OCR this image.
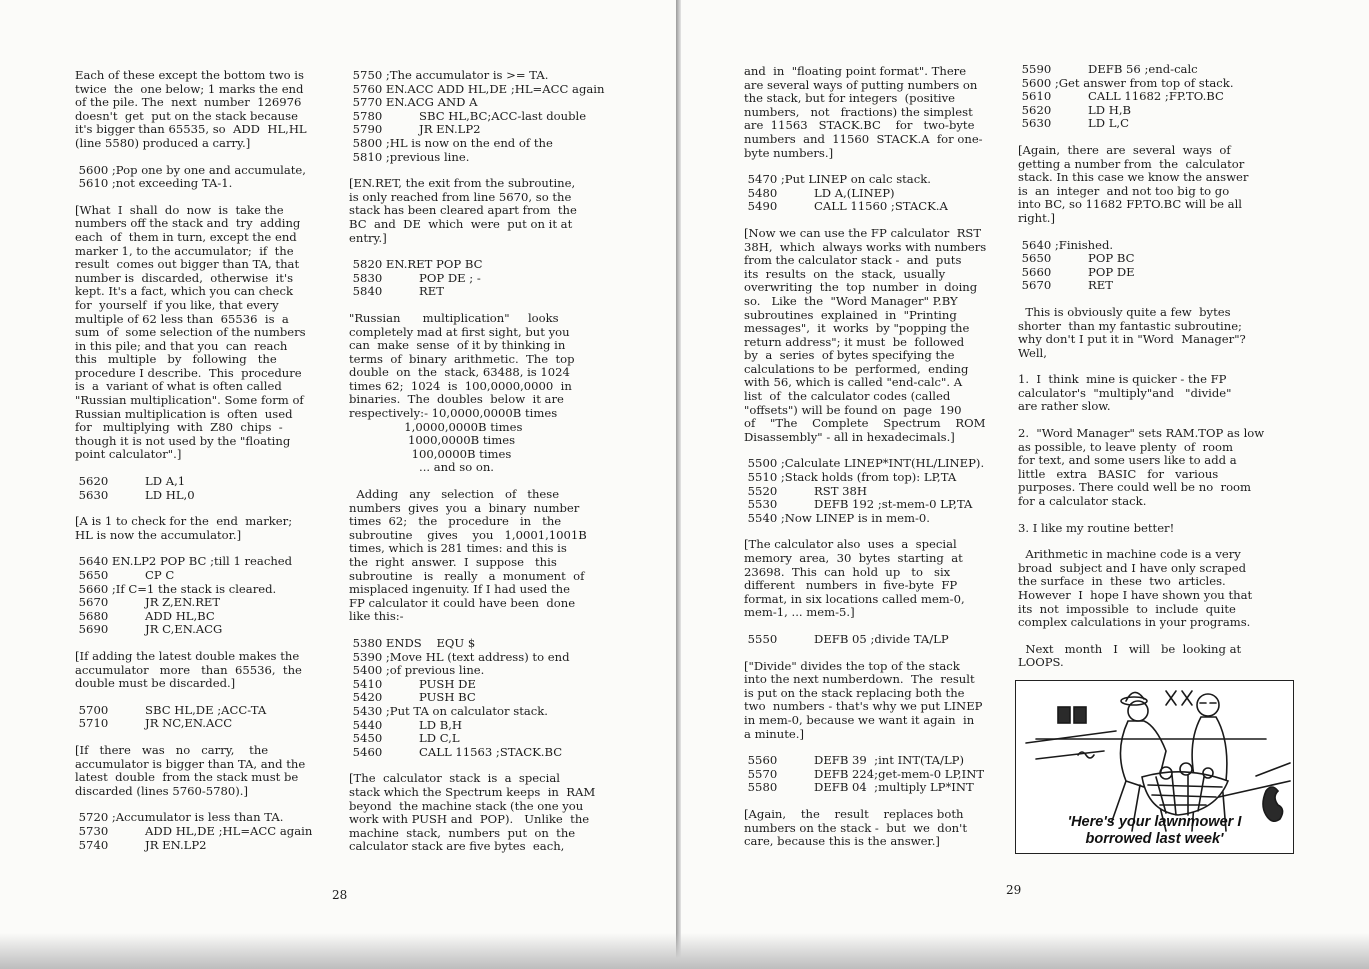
Each of these except the bottom two is
twice  the  one below; 1 marks the end
of the pile. The  next  number  126976
doesn't  get  put on the stack because
it's bigger than 65535, so  ADD  HL,HL
(line 5580) produced a carry.]
5600 ;Pop one by one and accumulate,
5610 ;not exceeding TA-1.
[What  I  shall  do  now  is  take the
numbers off the stack and  try  adding
each  of  them in turn, except the end
marker 1, to the accumulator;  if  the
result  comes out bigger than TA, that
number is  discarded,  otherwise  it's
kept. It's a fact, which you can check
for  yourself  if you like, that every
multiple of 62 less than  65536  is  a
sum  of  some selection of the numbers
in this pile; and that you  can  reach
this   multiple   by   following   the
procedure I describe.  This  procedure
is  a  variant of what is often called
"Russian multiplication". Some form of
Russian multiplication is  often  used
for   multiplying  with  Z80  chips  -
though it is not used by the "floating
point calculator".]
5620          LD A,1
5630          LD HL,0
[A is 1 to check for the  end  marker;
HL is now the accumulator.]
5640 EN.LP2 POP BC ;till 1 reached
5650          CP C
5660 ;If C=1 the stack is cleared.
5670          JR Z,EN.RET
5680          ADD HL,BC
5690          JR C,EN.ACG
[If adding the latest double makes the
accumulator   more   than  65536,  the
double must be discarded.]
5700          SBC HL,DE ;ACC-TA
5710          JR NC,EN.ACC
[If   there   was   no   carry,    the
accumulator is bigger than TA, and the
latest  double  from the stack must be
discarded (lines 5760-5780).]
5720 ;Accumulator is less than TA.
5730          ADD HL,DE ;HL=ACC again
5740          JR EN.LP2
5750 ;The accumulator is >= TA.
5760 EN.ACC ADD HL,DE ;HL=ACC again
5770 EN.ACG AND A
5780          SBC HL,BC;ACC-last double
5790          JR EN.LP2
5800 ;HL is now on the end of the
5810 ;previous line.
[EN.RET, the exit from the subroutine,
is only reached from line 5670, so the
stack has been cleared apart from  the
BC  and  DE  which  were  put on it at
entry.]
5820 EN.RET POP BC
5830          POP DE ; -
5840          RET
"Russian      multiplication"     looks
completely mad at first sight, but you
can  make  sense  of it by thinking in
terms  of  binary  arithmetic.  The  top
double  on  the  stack, 63488, is 1024
times 62;  1024  is  100,0000,0000  in
binaries.  The  doubles  below  it are
respectively:- 10,0000,0000B times
1,0000,0000B times
1000,0000B times
100,0000B times
... and so on.
Adding   any   selection   of   these
numbers  gives  you  a  binary  number
times  62;   the   procedure   in   the
subroutine    gives    you   1,0001,1001B
times, which is 281 times: and this is
the  right  answer.  I  suppose   this
subroutine   is   really   a  monument  of
misplaced ingenuity. If I had used the
FP calculator it could have been  done
like this:-
5380 ENDS    EQU $
5390 ;Move HL (text address) to end
5400 ;of previous line.
5410          PUSH DE
5420          PUSH BC
5430 ;Put TA on calculator stack.
5440          LD B,H
5450          LD C,L
5460          CALL 11563 ;STACK.BC
[The  calculator  stack  is  a  special
stack which the Spectrum keeps  in  RAM
beyond  the machine stack (the one you
work with PUSH and  POP).   Unlike  the
machine  stack,  numbers  put  on  the
calculator stack are five bytes  each,
28
and  in  "floating point format". There
are several ways of putting numbers on
the stack, but for integers  (positive
numbers,   not   fractions) the simplest
are  11563   STACK.BC    for   two-byte
numbers  and  11560  STACK.A  for one-
byte numbers.]
5470 ;Put LINEP on calc stack.
5480          LD A,(LINEP)
5490          CALL 11560 ;STACK.A
[Now we can use the FP calculator  RST
38H,  which  always works with numbers
from the calculator stack -  and  puts
its  results  on  the  stack,  usually
overwriting  the  top  number  in  doing
so.   Like  the  "Word Manager" P.BY
subroutines  explained  in  "Printing
messages",  it  works  by "popping the
return address"; it must  be  followed
by  a  series  of bytes specifying the
calculations to be  performed,  ending
with 56, which is called "end-calc". A
list  of  the calculator codes (called
"offsets") will be found on  page  190
of    "The    Complete    Spectrum    ROM
Disassembly" - all in hexadecimals.]
5500 ;Calculate LINEP*INT(HL/LINEP).
5510 ;Stack holds (from top): LP,TA
5520          RST 38H
5530          DEFB 192 ;st-mem-0 LP,TA
5540 ;Now LINEP is in mem-0.
[The calculator also  uses  a  special
memory  area,  30  bytes  starting  at
23698.  This  can  hold  up   to   six
different   numbers  in  five-byte  FP
format, in six locations called mem-0,
mem-1, ... mem-5.]
5550          DEFB 05 ;divide TA/LP
["Divide" divides the top of the stack
into the next numberdown.  The  result
is put on the stack replacing both the
two  numbers - that's why we put LINEP
in mem-0, because we want it again  in
a minute.]
5560          DEFB 39  ;int INT(TA/LP)
5570          DEFB 224;get-mem-0 LP,INT
5580          DEFB 04  ;multiply LP*INT
[Again,    the    result    replaces both
numbers on the stack -  but  we  don't
care, because this is the answer.]
5590          DEFB 56 ;end-calc
5600 ;Get answer from top of stack.
5610          CALL 11682 ;FP.TO.BC
5620          LD H,B
5630          LD L,C
[Again,  there  are  several  ways  of
getting a number from  the  calculator
stack. In this case we know the answer
is  an  integer  and not too big to go
into BC, so 11682 FP.TO.BC will be all
right.]
5640 ;Finished.
5650          POP BC
5660          POP DE
5670          RET
This is obviously quite a few  bytes
shorter  than my fantastic subroutine;
why don't I put it in "Word  Manager"?
Well,
1.  I  think  mine is quicker - the FP
calculator's  "multiply"and   "divide"
are rather slow.
2.  "Word Manager" sets RAM.TOP as low
as possible, to leave plenty  of  room
for text, and some users like to add a
little   extra   BASIC   for   various
purposes. There could well be no  room
for a calculator stack.
3. I like my routine better!
Arithmetic in machine code is a very
broad  subject and I have only scraped
the surface  in  these  two  articles.
However  I  hope I have shown you that
its  not  impossible  to  include  quite
complex calculations in your programs.
Next   month   I   will   be  looking at
LOOPS.
29
'Here's your lawnmower I
borrowed last week'
